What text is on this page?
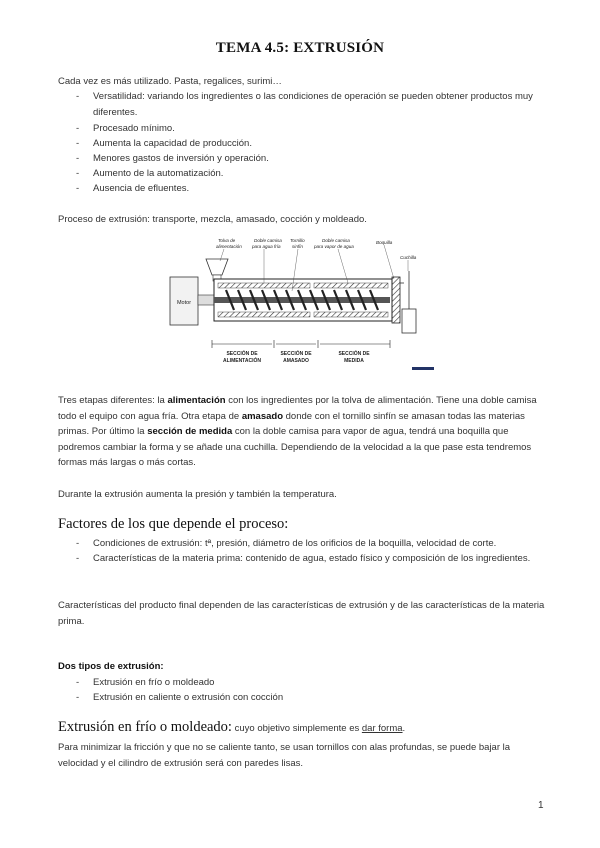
TEMA 4.5: EXTRUSIÓN
Cada vez es más utilizado. Pasta, regalices, surimi…
-	Versatilidad: variando los ingredientes o las condiciones de operación se pueden obtener productos muy diferentes.
-	Procesado mínimo.
-	Aumenta la capacidad de producción.
-	Menores gastos de inversión y operación.
-	Aumento de la automatización.
-	Ausencia de efluentes.
Proceso de extrusión: transporte, mezcla, amasado, cocción y moldeado.
Motor
Tolva de
alimentación
Doble camisa
para agua fría
Tornillo
sinfín
Doble camisa
para vapor de agua
Boquilla
Cuchilla
SECCIÓN DE
ALIMENTACIÓN
SECCIÓN DE
AMASADO
SECCIÓN DE
MEDIDA
Tres etapas diferentes: la alimentación con los ingredientes por la tolva de alimentación. Tiene una doble camisa todo el equipo con agua fría. Otra etapa de amasado donde con el tornillo sinfín se amasan todas las materias primas. Por último la sección de medida con la doble camisa para vapor de agua, tendrá una boquilla que podremos cambiar la forma y se añade una cuchilla. Dependiendo de la velocidad a la que pase esta tendremos formas más largas o más cortas.
Durante la extrusión aumenta la presión y también la temperatura.
Factores de los que depende el proceso:
-	Condiciones de extrusión: tª, presión, diámetro de los orificios de la boquilla, velocidad de corte.
-	Características de la materia prima: contenido de agua, estado físico y composición de los ingredientes.
Características del producto final dependen de las características de extrusión y de las características de la materia prima.
Dos tipos de extrusión:
-	Extrusión en frío o moldeado
-	Extrusión en caliente o extrusión con cocción
Extrusión en frío o moldeado: cuyo objetivo simplemente es dar forma.
Para minimizar la fricción y que no se caliente tanto, se usan tornillos con alas profundas, se puede bajar la velocidad y el cilindro de extrusión será con paredes lisas.
1
